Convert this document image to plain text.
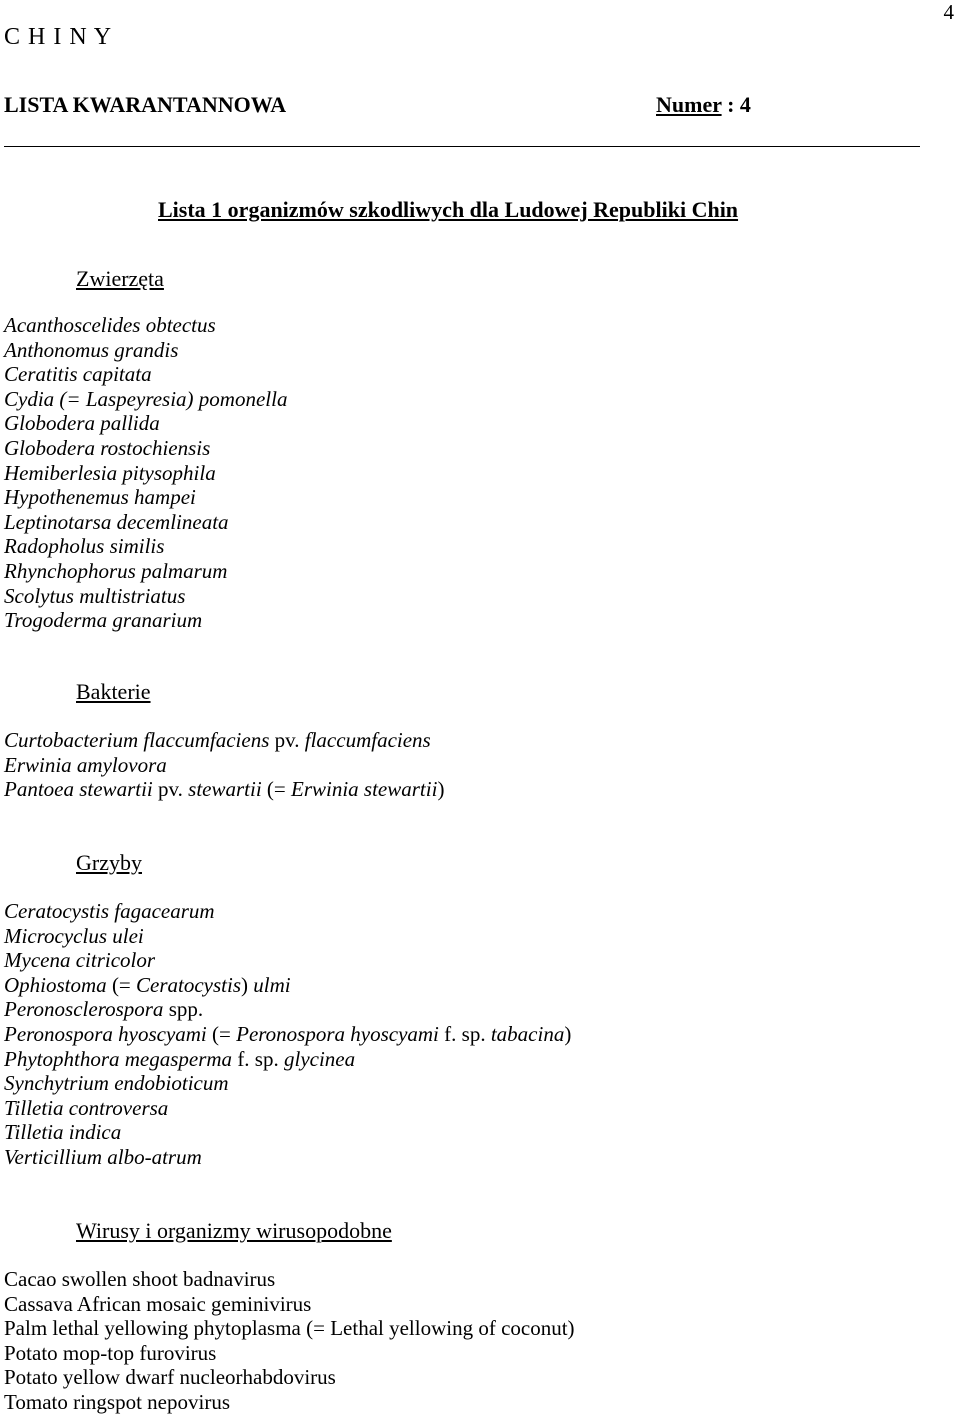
4
C H I N Y
LISTA KWARANTANNOWA	Numer : 4
Lista 1 organizmów szkodliwych dla Ludowej Republiki Chin
Zwierzęta
Acanthoscelides obtectus
Anthonomus grandis
Ceratitis capitata
Cydia (= Laspeyresia) pomonella
Globodera pallida
Globodera rostochiensis
Hemiberlesia pitysophila
Hypothenemus hampei
Leptinotarsa decemlineata
Radopholus similis
Rhynchophorus palmarum
Scolytus multistriatus
Trogoderma granarium
Bakterie
Curtobacterium flaccumfaciens pv. flaccumfaciens
Erwinia amylovora
Pantoea stewartii pv. stewartii (= Erwinia stewartii)
Grzyby
Ceratocystis fagacearum
Microcyclus ulei
Mycena citricolor
Ophiostoma (= Ceratocystis) ulmi
Peronosclerospora spp.
Peronospora hyoscyami (= Peronospora hyoscyami f. sp. tabacina)
Phytophthora megasperma f. sp. glycinea
Synchytrium endobioticum
Tilletia controversa
Tilletia indica
Verticillium albo-atrum
Wirusy i organizmy wirusopodobne
Cacao swollen shoot badnavirus
Cassava African mosaic geminivirus
Palm lethal yellowing phytoplasma (= Lethal yellowing of coconut)
Potato mop-top furovirus
Potato yellow dwarf nucleorhabdovirus
Tomato ringspot nepovirus
